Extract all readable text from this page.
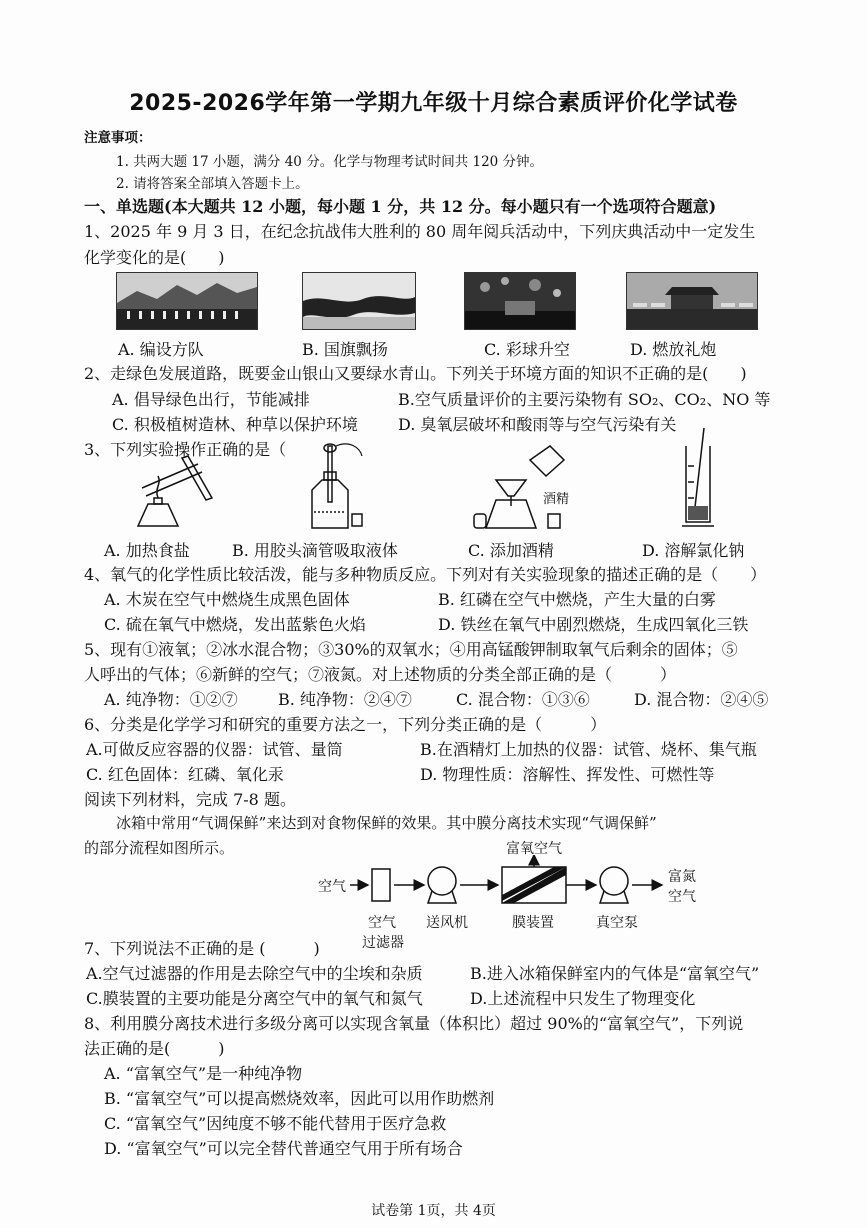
2025-2026学年第一学期九年级十月综合素质评价化学试卷
注意事项：
1. 共两大题 17 小题，满分 40 分。化学与物理考试时间共 120 分钟。
2. 请将答案全部填入答题卡上。
一、单选题(本大题共 12 小题，每小题 1 分，共 12 分。每小题只有一个选项符合题意)
1、2025 年 9 月 3 日，在纪念抗战伟大胜利的 80 周年阅兵活动中，下列庆典活动中一定发生
化学变化的是(　　)
A. 编设方队	B. 国旗飘扬	C. 彩球升空	D. 燃放礼炮
2、走绿色发展道路，既要金山银山又要绿水青山。下列关于环境方面的知识不正确的是(　　)
A. 倡导绿色出行，节能减排	B.空气质量评价的主要污染物有 SO₂、CO₂、NO 等
C. 积极植树造林、种草以保护环境	D. 臭氧层破坏和酸雨等与空气污染有关
3、下列实验操作正确的是（
酒精
A. 加热食盐	B. 用胶头滴管吸取液体	C. 添加酒精	D. 溶解氯化钠
4、氧气的化学性质比较活泼，能与多种物质反应。下列对有关实验现象的描述正确的是（　　）
A. 木炭在空气中燃烧生成黑色固体	B. 红磷在空气中燃烧，产生大量的白雾
C. 硫在氧气中燃烧，发出蓝紫色火焰	D. 铁丝在氧气中剧烈燃烧，生成四氧化三铁
5、现有①液氧；②冰水混合物；③30%的双氧水；④用高锰酸钾制取氧气后剩余的固体；⑤
人呼出的气体；⑥新鲜的空气；⑦液氮。对上述物质的分类全部正确的是（　　　）
A. 纯净物：①②⑦	B. 纯净物：②④⑦	C. 混合物：①③⑥	D. 混合物：②④⑤
6、分类是化学学习和研究的重要方法之一，下列分类正确的是（　　　）
A.可做反应容器的仪器：试管、量筒	B.在酒精灯上加热的仪器：试管、烧杯、集气瓶
C. 红色固体：红磷、氧化汞	D. 物理性质：溶解性、挥发性、可燃性等
阅读下列材料，完成 7-8 题。
冰箱中常用“气调保鲜”来达到对食物保鲜的效果。其中膜分离技术实现“气调保鲜”
的部分流程如图所示。
空气
富氧空气
富氮
空气
空气
过滤器
送风机	膜装置	真空泵
7、下列说法不正确的是 (　　　)
A.空气过滤器的作用是去除空气中的尘埃和杂质	B.进入冰箱保鲜室内的气体是“富氧空气”
C.膜装置的主要功能是分离空气中的氧气和氮气	D.上述流程中只发生了物理变化
8、利用膜分离技术进行多级分离可以实现含氧量（体积比）超过 90%的“富氧空气”，下列说
法正确的是(　　　)
A. “富氧空气”是一种纯净物
B. “富氧空气”可以提高燃烧效率，因此可以用作助燃剂
C. “富氧空气”因纯度不够不能代替用于医疗急救
D. “富氧空气”可以完全替代普通空气用于所有场合
试卷第 1页，共 4页
